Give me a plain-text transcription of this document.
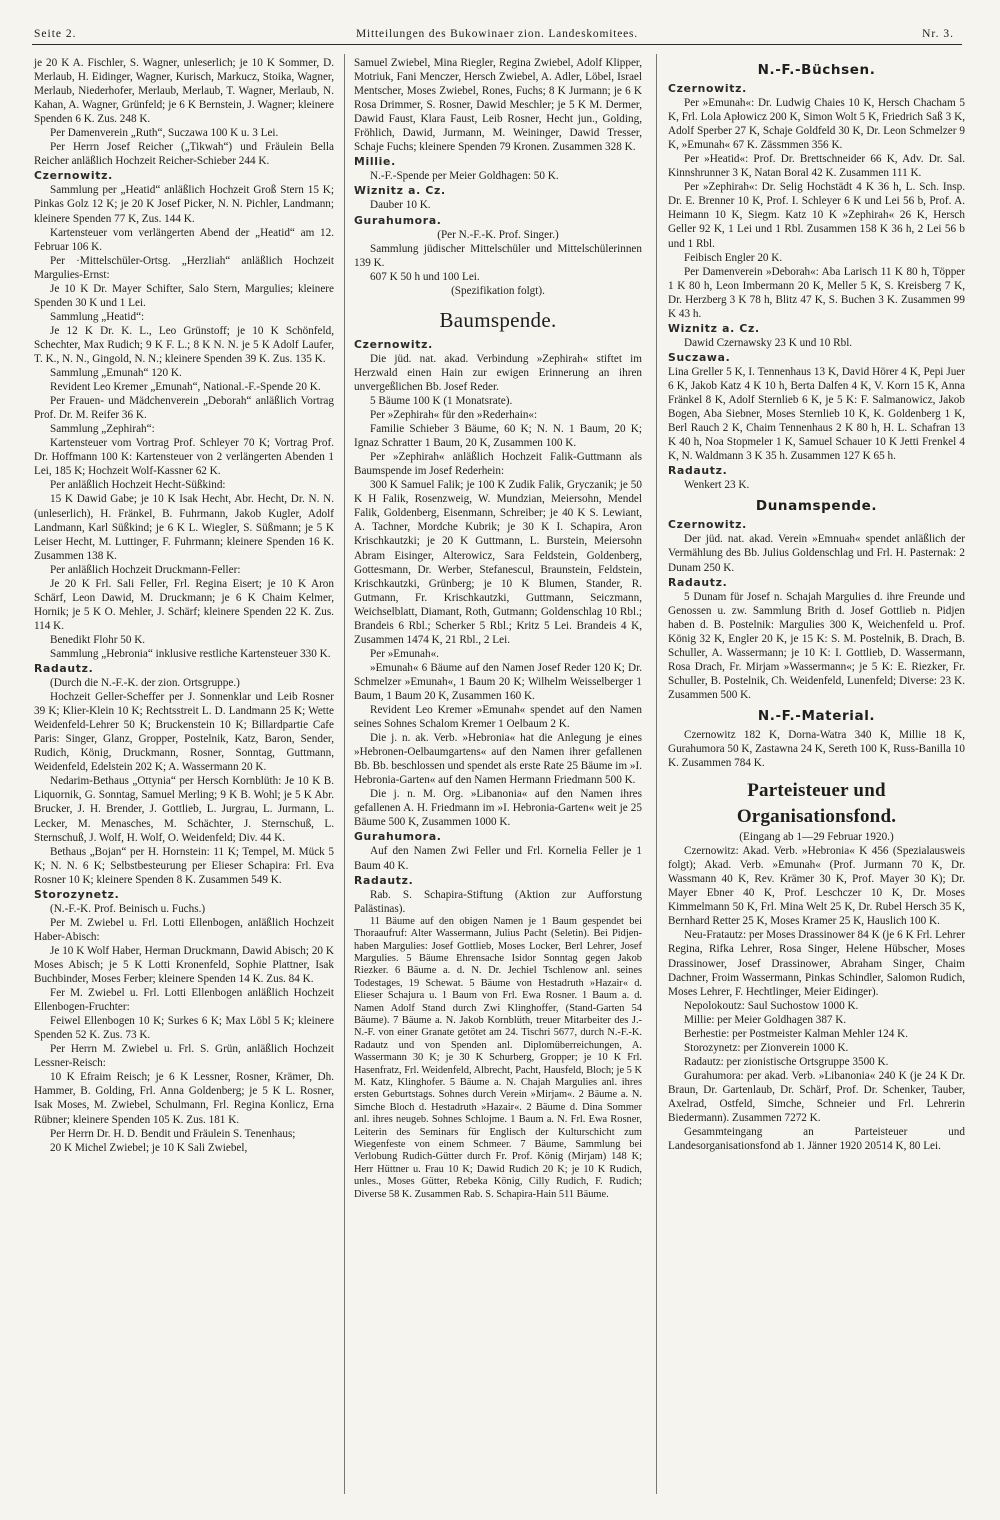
Seite 2.	Mitteilungen des Bukowinaer zion. Landeskomitees.	Nr. 3.

je 20 K A. Fischler, S. Wagner, unleserlich; je 10 K Sommer, D. Merlaub, H. Eidinger, Wagner, Kurisch, Markucz, Stoika, Wagner, Merlaub, Niederhofer, Merlaub, Merlaub, T. Wagner, Merlaub, N. Kahan, A. Wagner, Grünfeld; je 6 K Bernstein, J. Wagner; kleinere Spenden 6 K. Zus. 248 K.

Per Damenverein „Ruth“, Suczawa 100 K u. 3 Lei.

Per Herrn Josef Reicher („Tikwah“) und Fräulein Bella Reicher anläßlich Hochzeit Reicher-Schieber 244 K.

Czernowitz.

Sammlung per „Heatid“ anläßlich Hochzeit Groß Stern 15 K; Pinkas Golz 12 K; je 20 K Josef Picker, N. N. Pichler, Landmann; kleinere Spenden 77 K, Zus. 144 K.

Kartensteuer vom verlängerten Abend der „Heatid“ am 12. Februar 106 K.

Per ·Mittelschüler-Ortsg. „Herzliah“ anläßlich Hochzeit Margulies-Ernst:

Je 10 K Dr. Mayer Schifter, Salo Stern, Margulies; kleinere Spenden 30 K und 1 Lei.

Sammlung „Heatid“:

Je 12 K Dr. K. L., Leo Grünstoff; je 10 K Schönfeld, Schechter, Max Rudich; 9 K F. L.; 8 K N. N. je 5 K Adolf Laufer, T. K., N. N., Gingold, N. N.; kleinere Spenden 39 K. Zus. 135 K.

Sammlung „Emunah“ 120 K.

Revident Leo Kremer „Emunah“, National.-F.-Spende 20 K.

Per Frauen- und Mädchenverein „Deborah“ anläßlich Vortrag Prof. Dr. M. Reifer 36 K.

Sammlung „Zephirah“:

Kartensteuer vom Vortrag Prof. Schleyer 70 K; Vortrag Prof. Dr. Hoffmann 100 K: Kartensteuer von 2 verlängerten Abenden 1 Lei, 185 K; Hochzeit Wolf-Kassner 62 K.

Per anläßlich Hochzeit Hecht-Süßkind:

15 K Dawid Gabe; je 10 K Isak Hecht, Abr. Hecht, Dr. N. N. (unleserlich), H. Fränkel, B. Fuhrmann, Jakob Kugler, Adolf Landmann, Karl Süßkind; je 6 K L. Wiegler, S. Süßmann; je 5 K Leiser Hecht, M. Luttinger, F. Fuhrmann; kleinere Spenden 16 K. Zusammen 138 K.

Per anläßlich Hochzeit Druckmann-Feller:

Je 20 K Frl. Sali Feller, Frl. Regina Eisert; je 10 K Aron Schärf, Leon Dawid, M. Druckmann; je 6 K Chaim Kelmer, Hornik; je 5 K O. Mehler, J. Schärf; kleinere Spenden 22 K. Zus. 114 K.

Benedikt Flohr 50 K.

Sammlung „Hebronia“ inklusive restliche Kartensteuer 330 K.

Radautz.

(Durch die N.-F.-K. der zion. Ortsgruppe.)

Hochzeit Geller-Scheffer per J. Sonnenklar und Leib Rosner 39 K; Klier-Klein 10 K; Rechtsstreit L. D. Landmann 25 K; Wette Weidenfeld-Lehrer 50 K; Bruckenstein 10 K; Billardpartie Cafe Paris: Singer, Glanz, Gropper, Postelnik, Katz, Baron, Sender, Rudich, König, Druckmann, Rosner, Sonntag, Guttmann, Weidenfeld, Edelstein 202 K; A. Wassermann 20 K.

Nedarim-Bethaus „Ottynia“ per Hersch Kornblüth: Je 10 K B. Liquornik, G. Sonntag, Samuel Merling; 9 K B. Wohl; je 5 K Abr. Brucker, J. H. Brender, J. Gottlieb, L. Jurgrau, L. Jurmann, L. Lecker, M. Menasches, M. Schächter, J. Sternschuß, L. Sternschuß, J. Wolf, H. Wolf, O. Weidenfeld; Div. 44 K.

Bethaus „Bojan“ per H. Hornstein: 11 K; Tempel, M. Mück 5 K; N. N. 6 K; Selbstbesteurung per Elieser Schapira: Frl. Eva Rosner 10 K; kleinere Spenden 8 K. Zusammen 549 K.

Storozynetz.

(N.-F.-K. Prof. Beinisch u. Fuchs.)

Per M. Zwiebel u. Frl. Lotti Ellenbogen, anläßlich Hochzeit Haber-Abisch:

Je 10 K Wolf Haber, Herman Druckmann, Dawid Abisch; 20 K Moses Abisch; je 5 K Lotti Kronenfeld, Sophie Plattner, Isak Buchbinder, Moses Ferber; kleinere Spenden 14 K. Zus. 84 K.

Fer M. Zwiebel u. Frl. Lotti Ellenbogen anläßlich Hochzeit Ellenbogen-Fruchter:

Feiwel Ellenbogen 10 K; Surkes 6 K; Max Löbl 5 K; kleinere Spenden 52 K. Zus. 73 K.

Per Herrn M. Zwiebel u. Frl. S. Grün, anläßlich Hochzeit Lessner-Reisch:

10 K Efraim Reisch; je 6 K Lessner, Rosner, Krämer, Dh. Hammer, B. Golding, Frl. Anna Goldenberg; je 5 K L. Rosner, Isak Moses, M. Zwiebel, Schulmann, Frl. Regina Konlicz, Erna Rübner; kleinere Spenden 105 K. Zus. 181 K.

Per Herrn Dr. H. D. Bendit und Fräulein S. Tenenhaus;

20 K Michel Zwiebel; je 10 K Sali Zwiebel,

Samuel Zwiebel, Mina Riegler, Regina Zwiebel, Adolf Klipper, Motriuk, Fani Menczer, Hersch Zwiebel, A. Adler, Löbel, Israel Mentscher, Moses Zwiebel, Rones, Fuchs; 8 K Jurmann; je 6 K Rosa Drimmer, S. Rosner, Dawid Meschler; je 5 K M. Dermer, Dawid Faust, Klara Faust, Leib Rosner, Hecht jun., Golding, Fröhlich, Dawid, Jurmann, M. Weininger, Dawid Tresser, Schaje Fuchs; kleinere Spenden 79 Kronen. Zusammen 328 K.

Millie.

N.-F.-Spende per Meier Goldhagen: 50 K.

Wiznitz a. Cz.

Dauber 10 K.

Gurahumora.

(Per N.-F.-K. Prof. Singer.)

Sammlung jüdischer Mittelschüler und Mittelschülerinnen 139 K.

607 K 50 h und 100 Lei.

(Spezifikation folgt).

Baumspende.

Czernowitz.

Die jüd. nat. akad. Verbindung »Zephirah« stiftet im Herzwald einen Hain zur ewigen Erinnerung an ihren unvergeßlichen Bb. Josef Reder.

5 Bäume 100 K (1 Monatsrate).

Per »Zephirah« für den »Rederhain«:

Familie Schieber 3 Bäume, 60 K; N. N. 1 Baum, 20 K; Ignaz Schratter 1 Baum, 20 K, Zusammen 100 K.

Per »Zephirah« anläßlich Hochzeit Falik-Guttmann als Baumspende im Josef Rederhein:

300 K Samuel Falik; je 100 K Zudik Falik, Gryczanik; je 50 K H Falik, Rosenzweig, W. Mundzian, Meiersohn, Mendel Falik, Goldenberg, Eisenmann, Schreiber; je 40 K S. Lewiant, A. Tachner, Mordche Kubrik; je 30 K I. Schapira, Aron Krischkautzki; je 20 K Guttmann, L. Burstein, Meiersohn Abram Eisinger, Alterowicz, Sara Feldstein, Goldenberg, Gottesmann, Dr. Werber, Stefanescul, Braunstein, Feldstein, Krischkautzki, Grünberg; je 10 K Blumen, Stander, R. Gutmann, Fr. Krischkautzki, Guttmann, Seiczmann, Weichselblatt, Diamant, Roth, Gutmann; Goldenschlag 10 Rbl.; Brandeis 6 Rbl.; Scherker 5 Rbl.; Kritz 5 Lei. Brandeis 4 K, Zusammen 1474 K, 21 Rbl., 2 Lei.

Per »Emunah«.

»Emunah« 6 Bäume auf den Namen Josef Reder 120 K; Dr. Schmelzer »Emunah«, 1 Baum 20 K; Wilhelm Weisselberger 1 Baum, 1 Baum 20 K, Zusammen 160 K.

Revident Leo Kremer »Emunah« spendet auf den Namen seines Sohnes Schalom Kremer 1 Oelbaum 2 K.

Die j. n. ak. Verb. »Hebronia« hat die Anlegung je eines »Hebronen-Oelbaumgartens« auf den Namen ihrer gefallenen Bb. Bb. beschlossen und spendet als erste Rate 25 Bäume im »I. Hebronia-Garten« auf den Namen Hermann Friedmann 500 K.

Die j. n. M. Org. »Libanonia« auf den Namen ihres gefallenen A. H. Friedmann im »I. Hebronia-Garten« weit je 25 Bäume 500 K, Zusammen 1000 K.

Gurahumora.

Auf den Namen Zwi Feller und Frl. Kornelia Feller je 1 Baum 40 K.

Radautz.

Rab. S. Schapira-Stiftung (Aktion zur Aufforstung Palästinas).

11 Bäume auf den obigen Namen je 1 Baum gespendet bei Thoraaufruf: Alter Wassermann, Julius Pacht (Seletin). Bei Pidjen-haben Margulies: Josef Gottlieb, Moses Locker, Berl Lehrer, Josef Margulies. 5 Bäume Ehrensache Isidor Sonntag gegen Jakob Riezker. 6 Bäume a. d. N. Dr. Jechiel Tschlenow anl. seines Todestages, 19 Schewat. 5 Bäume von Hestadruth »Hazair« d. Elieser Schajura u. 1 Baum von Frl. Ewa Rosner. 1 Baum a. d. Namen Adolf Stand durch Zwi Klinghoffer, (Stand-Garten 54 Bäume). 7 Bäume a. N. Jakob Kornblüth, treuer Mitarbeiter des J.-N.-F. von einer Granate getötet am 24. Tischri 5677, durch N.-F.-K. Radautz und von Spenden anl. Diplomüberreichungen, A. Wassermann 30 K; je 30 K Schurberg, Gropper; je 10 K Frl. Hasenfratz, Frl. Weidenfeld, Albrecht, Pacht, Hausfeld, Bloch; je 5 K M. Katz, Klinghofer. 5 Bäume a. N. Chajah Margulies anl. ihres ersten Geburtstags. Sohnes durch Verein »Mirjam«. 2 Bäume a. N. Simche Bloch d. Hestadruth »Hazair«. 2 Bäume d. Dina Sommer anl. ihres neugeb. Sohnes Schlojme. 1 Baum a. N. Frl. Ewa Rosner, Leiterin des Seminars für Englisch der Kulturschicht zum Wiegenfeste von einem Schmeer. 7 Bäume, Sammlung bei Verlobung Rudich-Gütter durch Fr. Prof. König (Mirjam) 148 K; Herr Hüttner u. Frau 10 K; Dawid Rudich 20 K; je 10 K Rudich, unles., Moses Gütter, Rebeka König, Cilly Rudich, F. Rudich; Diverse 58 K. Zusammen Rab. S. Schapira-Hain 511 Bäume.

N.-F.-Büchsen.

Czernowitz.

Per »Emunah«: Dr. Ludwig Chaies 10 K, Hersch Chacham 5 K, Frl. Lola Apłowicz 200 K, Simon Wolt 5 K, Friedrich Saß 3 K, Adolf Sperber 27 K, Schaje Goldfeld 30 K, Dr. Leon Schmelzer 9 K, »Emunah« 67 K. Zässmmen 356 K.

Per »Heatid«: Prof. Dr. Brettschneider 66 K, Adv. Dr. Sal. Kinnshrunner 3 K, Natan Boral 42 K. Zusammen 111 K.

Per »Zephirah«: Dr. Selig Hochstädt 4 K 36 h, L. Sch. Insp. Dr. E. Brenner 10 K, Prof. I. Schleyer 6 K und Lei 56 b, Prof. A. Heimann 10 K, Siegm. Katz 10 K »Zephirah« 26 K, Hersch Geller 92 K, 1 Lei und 1 Rbl. Zusammen 158 K 36 h, 2 Lei 56 b und 1 Rbl.

Feibisch Engler 20 K.

Per Damenverein »Deborah«: Aba Larisch 11 K 80 h, Töpper 1 K 80 h, Leon Imbermann 20 K, Meller 5 K, S. Kreisberg 7 K, Dr. Herzberg 3 K 78 h, Blitz 47 K, S. Buchen 3 K. Zusammen 99 K 43 h.

Wiznitz a. Cz.

Dawid Czernawsky 23 K und 10 Rbl.

Suczawa.

Lina Greller 5 K, I. Tennenhaus 13 K, David Hörer 4 K, Pepi Juer 6 K, Jakob Katz 4 K 10 h, Berta Dalfen 4 K, V. Korn 15 K, Anna Fränkel 8 K, Adolf Sternlieb 6 K, je 5 K: F. Salmanowicz, Jakob Bogen, Aba Siebner, Moses Sternlieb 10 K, K. Goldenberg 1 K, Berl Rauch 2 K, Chaim Tennenhaus 2 K 80 h, H. L. Schafran 13 K 40 h, Noa Stopmeler 1 K, Samuel Schauer 10 K Jetti Frenkel 4 K, N. Waldmann 3 K 35 h. Zusammen 127 K 65 h.

Radautz.

Wenkert 23 K.

Dunamspende.

Czernowitz.

Der jüd. nat. akad. Verein »Emnuah« spendet anläßlich der Vermählung des Bb. Julius Goldenschlag und Frl. H. Pasternak: 2 Dunam 250 K.

Radautz.

5 Dunam für Josef n. Schajah Margulies d. ihre Freunde und Genossen u. zw. Sammlung Brith d. Josef Gottlieb n. Pidjen haben d. B. Postelnik: Margulies 300 K, Weichenfeld u. Prof. König 32 K, Engler 20 K, je 15 K: S. M. Postelnik, B. Drach, B. Schuller, A. Wassermann; je 10 K: I. Gottlieb, D. Wassermann, Rosa Drach, Fr. Mirjam »Wassermann«; je 5 K: E. Riezker, Fr. Schuller, B. Postelnik, Ch. Weidenfeld, Lunenfeld; Diverse: 23 K. Zusammen 500 K.

N.-F.-Material.

Czernowitz 182 K, Dorna-Watra 340 K, Millie 18 K, Gurahumora 50 K, Zastawna 24 K, Sereth 100 K, Russ-Banilla 10 K. Zusammen 784 K.

Parteisteuer und Organisationsfond.

(Eingang ab 1—29 Februar 1920.)

Czernowitz: Akad. Verb. »Hebronia« K 456 (Spezialausweis folgt); Akad. Verb. »Emunah« (Prof. Jurmann 70 K, Dr. Wassmann 40 K, Rev. Krämer 30 K, Prof. Mayer 30 K); Dr. Mayer Ebner 40 K, Prof. Leschczer 10 K, Dr. Moses Kimmelmann 50 K, Frl. Mina Welt 25 K, Dr. Rubel Hersch 35 K, Bernhard Retter 25 K, Moses Kramer 25 K, Hauslich 100 K.

Neu-Fratautz: per Moses Drassinower 84 K (je 6 K Frl. Lehrer Regina, Rifka Lehrer, Rosa Singer, Helene Hübscher, Moses Drassinower, Josef Drassinower, Abraham Singer, Chaim Dachner, Froim Wassermann, Pinkas Schindler, Salomon Rudich, Moses Lehrer, F. Hechtlinger, Meier Eidinger).

Nepolokoutz: Saul Suchostow 1000 K.

Millie: per Meier Goldhagen 387 K.

Berhestie: per Postmeister Kalman Mehler 124 K.

Storozynetz: per Zionverein 1000 K.

Radautz: per zionistische Ortsgruppe 3500 K.

Gurahumora: per akad. Verb. »Libanonia« 240 K (je 24 K Dr. Braun, Dr. Gartenlaub, Dr. Schärf, Prof. Dr. Schenker, Tauber, Axelrad, Ostfeld, Simche, Schneier und Frl. Lehrerin Biedermann). Zusammen 7272 K.

Gesammteingang an Parteisteuer und Landesorganisationsfond ab 1. Jänner 1920 20514 K, 80 Lei.
